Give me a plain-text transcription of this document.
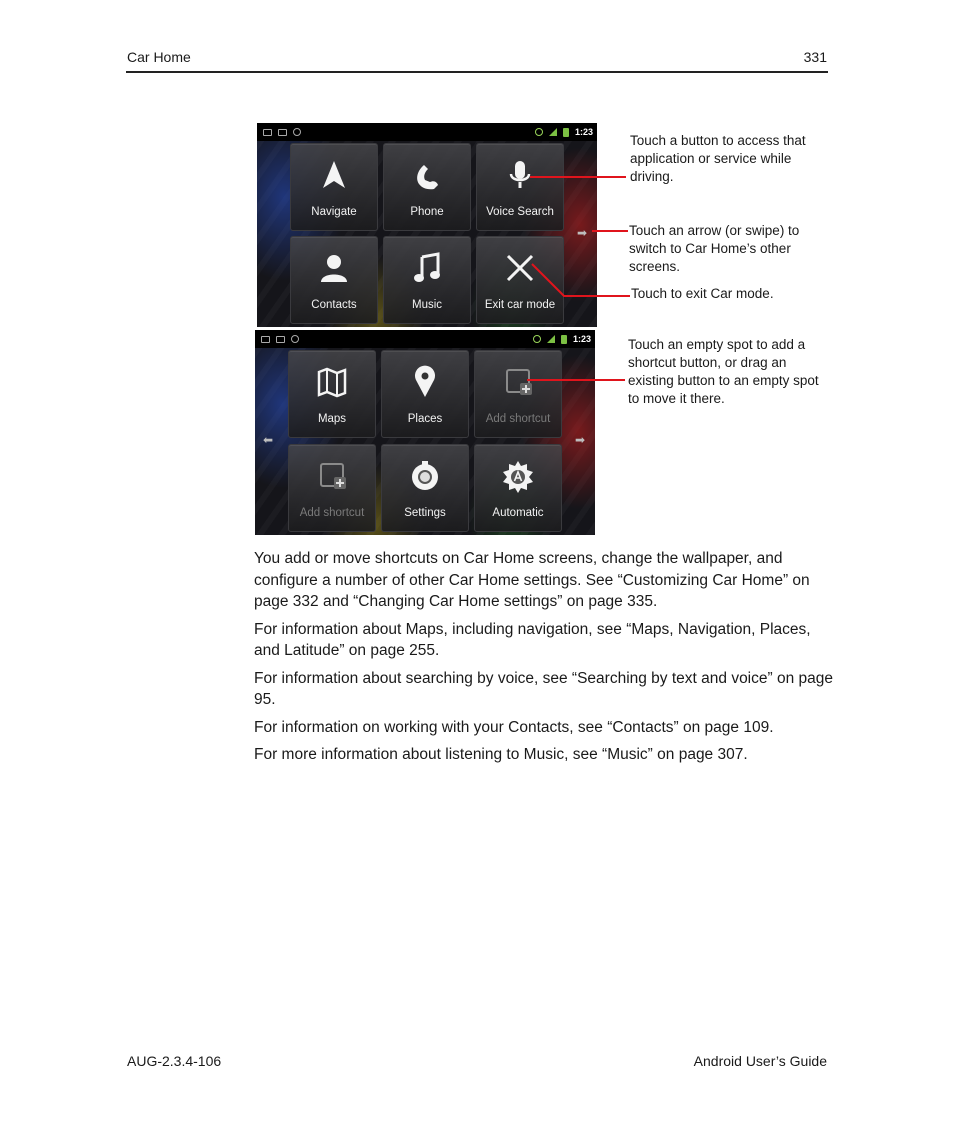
Car Home	331
1:23
Navigate	Phone	Voice Search
Contacts	Music	Exit car mode
➡
1:23
Maps	Places	Add shortcut
Add shortcut	Settings	Automatic
⬅	➡
Touch a button to access that application or service while driving.
Touch an arrow (or swipe) to switch to Car Home’s other screens.
Touch to exit Car mode.
Touch an empty spot to add a shortcut button, or drag an existing button to an empty spot to move it there.

You add or move shortcuts on Car Home screens, change the wallpaper, and configure a number of other Car Home settings. See “Customizing Car Home” on page 332 and “Changing Car Home settings” on page 335.

For information about Maps, including navigation, see “Maps, Navigation, Places, and Latitude” on page 255.

For information about searching by voice, see “Searching by text and voice” on page 95.

For information on working with your Contacts, see “Contacts” on page 109.

For more information about listening to Music, see “Music” on page 307.

AUG-2.3.4-106	Android User’s Guide
